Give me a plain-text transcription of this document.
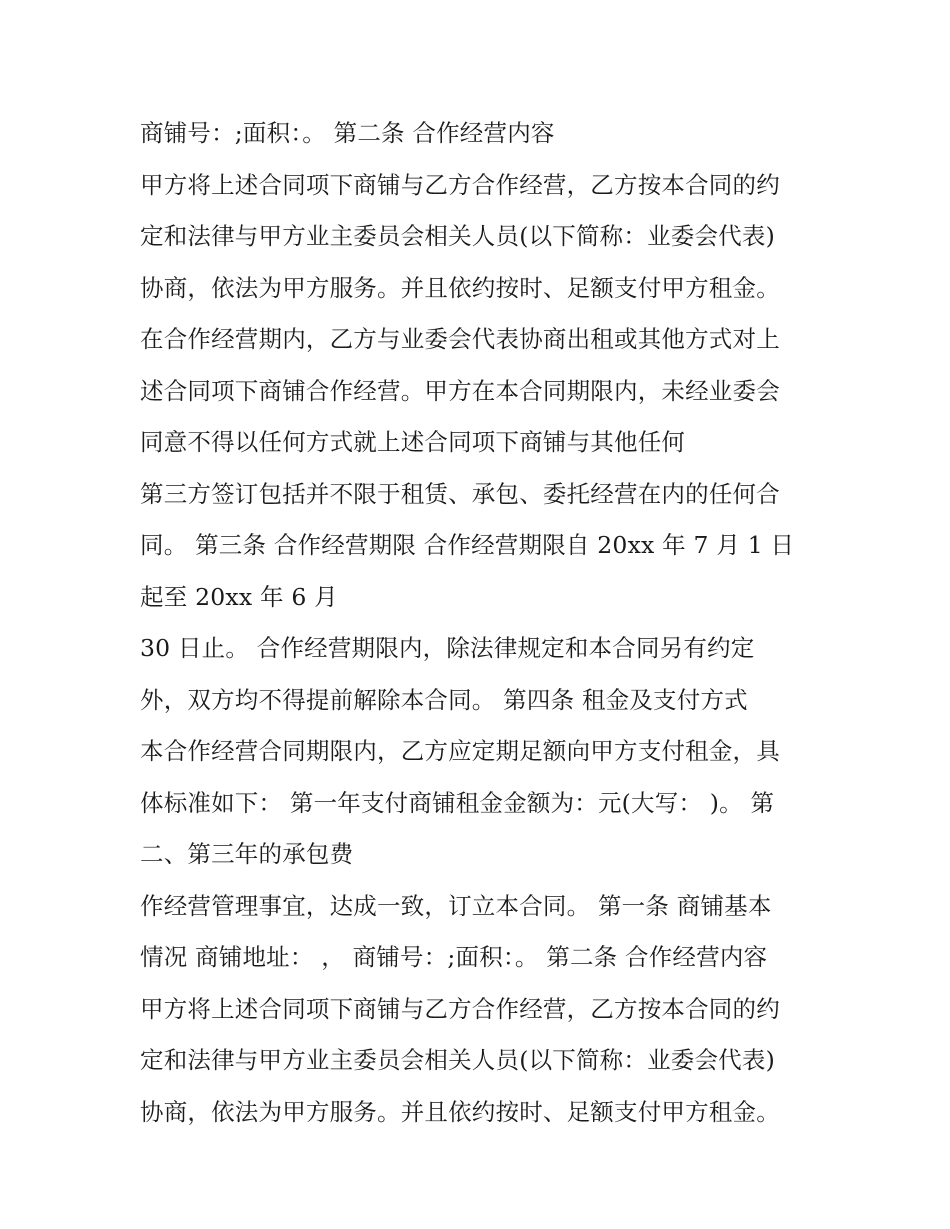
商铺号：;面积：。 第二条 合作经营内容
甲方将上述合同项下商铺与乙方合作经营，乙方按本合同的约
定和法律与甲方业主委员会相关人员(以下简称：业委会代表)
协商，依法为甲方服务。并且依约按时、足额支付甲方租金。
在合作经营期内，乙方与业委会代表协商出租或其他方式对上
述合同项下商铺合作经营。甲方在本合同期限内，未经业委会
同意不得以任何方式就上述合同项下商铺与其他任何
第三方签订包括并不限于租赁、承包、委托经营在内的任何合
同。 第三条 合作经营期限 合作经营期限自 20xx 年 7 月 1 日
起至 20xx 年 6 月
30 日止。 合作经营期限内，除法律规定和本合同另有约定
外，双方均不得提前解除本合同。 第四条 租金及支付方式
本合作经营合同期限内，乙方应定期足额向甲方支付租金，具
体标准如下： 第一年支付商铺租金金额为：元(大写： )。 第
二、第三年的承包费
作经营管理事宜，达成一致，订立本合同。 第一条 商铺基本
情况 商铺地址： ， 商铺号：;面积：。 第二条 合作经营内容
甲方将上述合同项下商铺与乙方合作经营，乙方按本合同的约
定和法律与甲方业主委员会相关人员(以下简称：业委会代表)
协商，依法为甲方服务。并且依约按时、足额支付甲方租金。
